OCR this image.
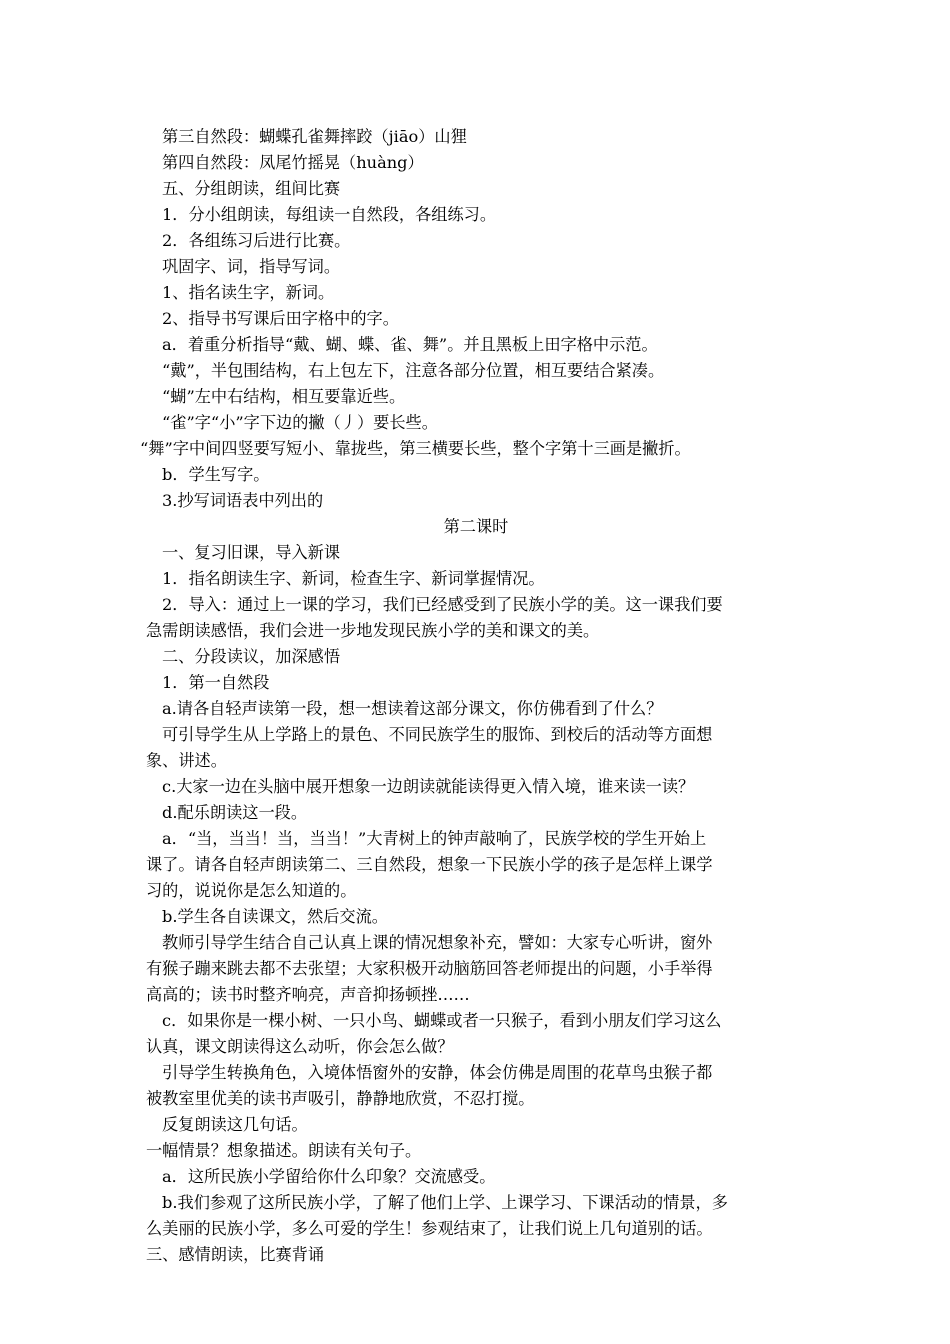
第三自然段：蝴蝶孔雀舞摔跤（jiāo）山狸
第四自然段：凤尾竹摇晃（huàng）
五、分组朗读，组间比赛
1．分小组朗读，每组读一自然段，各组练习。
2．各组练习后进行比赛。
巩固字、词，指导写词。
1、指名读生字，新词。
2、指导书写课后田字格中的字。
a．着重分析指导“戴、蝴、蝶、雀、舞”。并且黑板上田字格中示范。
“戴”，半包围结构，右上包左下，注意各部分位置，相互要结合紧凑。
“蝴”左中右结构，相互要靠近些。
“雀”字“小”字下边的撇（丿）要长些。
“舞”字中间四竖要写短小、靠拢些，第三横要长些，整个字第十三画是撇折。
b．学生写字。
3.抄写词语表中列出的
第二课时
一、复习旧课，导入新课
1．指名朗读生字、新词，检查生字、新词掌握情况。
2．导入：通过上一课的学习，我们已经感受到了民族小学的美。这一课我们要
急需朗读感悟，我们会进一步地发现民族小学的美和课文的美。
二、分段读议，加深感悟
1．第一自然段
a.请各自轻声读第一段，想一想读着这部分课文，你仿佛看到了什么？
可引导学生从上学路上的景色、不同民族学生的服饰、到校后的活动等方面想
象、讲述。
c.大家一边在头脑中展开想象一边朗读就能读得更入情入境，谁来读一读？
d.配乐朗读这一段。
a．“当，当当！当，当当！”大青树上的钟声敲响了，民族学校的学生开始上
课了。请各自轻声朗读第二、三自然段，想象一下民族小学的孩子是怎样上课学
习的，说说你是怎么知道的。
b.学生各自读课文，然后交流。
教师引导学生结合自己认真上课的情况想象补充，譬如：大家专心听讲，窗外
有猴子蹦来跳去都不去张望；大家积极开动脑筋回答老师提出的问题，小手举得
高高的；读书时整齐响亮，声音抑扬顿挫……
c．如果你是一棵小树、一只小鸟、蝴蝶或者一只猴子，看到小朋友们学习这么
认真，课文朗读得这么动听，你会怎么做？
引导学生转换角色，入境体悟窗外的安静，体会仿佛是周围的花草鸟虫猴子都
被教室里优美的读书声吸引，静静地欣赏，不忍打搅。
反复朗读这几句话。
一幅情景？想象描述。朗读有关句子。
a．这所民族小学留给你什么印象？交流感受。
b.我们参观了这所民族小学，了解了他们上学、上课学习、下课活动的情景，多
么美丽的民族小学，多么可爱的学生！参观结束了，让我们说上几句道别的话。
三、感情朗读，比赛背诵
